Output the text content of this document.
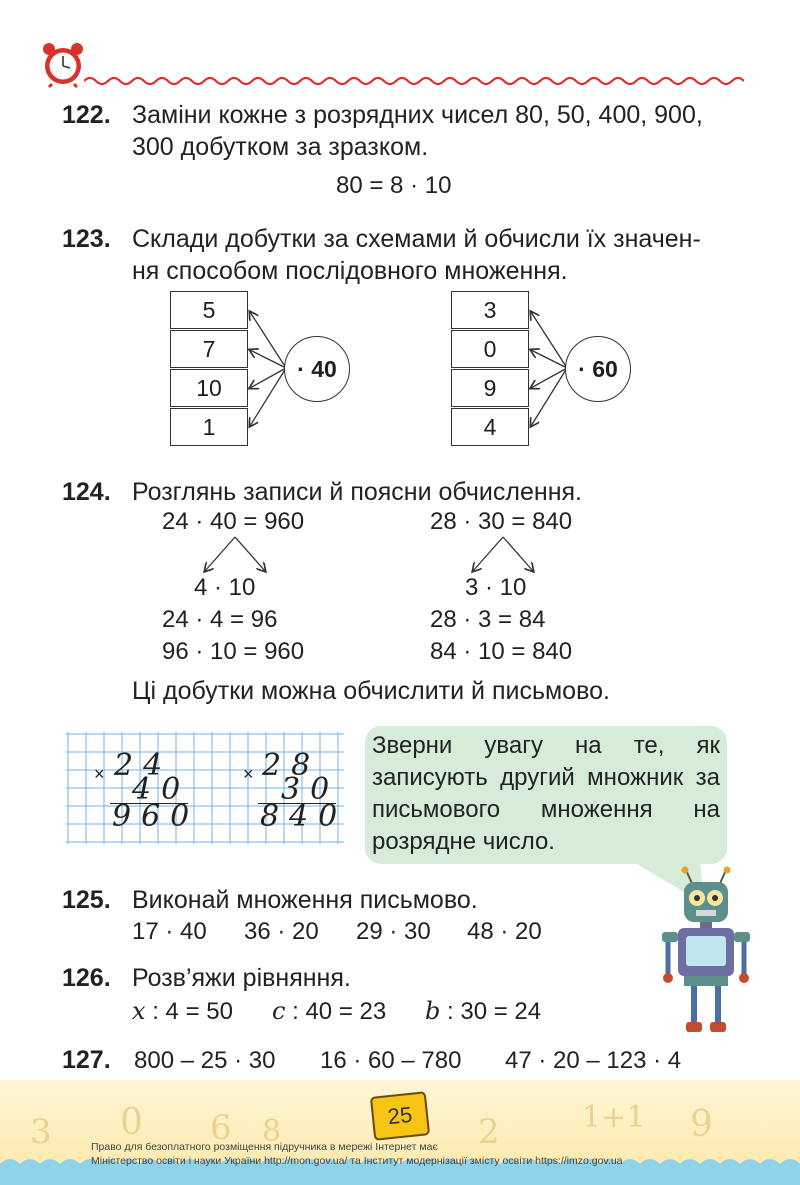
122. Заміни кожне з розрядних чисел 80, 50, 400, 900,
300 добутком за зразком.
80 = 8 · 10
123. Склади добутки за схемами й обчисли їх значен-
ня способом послідовного множення.
5
7
10
1
· 40
3
0
9
4
· 60
124. Розглянь записи й поясни обчислення.
24 · 40 = 960
4 · 10
24 · 4 = 96
96 · 10 = 960
28 · 30 = 840
3 · 10
28 · 3 = 84
84 · 10 = 840
Ці добутки можна обчислити й письмово.
× 24
40
960
× 28
30
840
Зверни увагу на те, як записують другий множник за письмового множення на розрядне число.
125. Виконай множення письмово.
17 · 40 36 · 20 29 · 30 48 · 20
126. Розв’яжи рівняння.
x : 4 = 50 c : 40 = 23 b : 30 = 24
127. 800 – 25 · 30 16 · 60 – 780 47 · 20 – 123 · 4
3 0 6 8	2	1+1 9
25
Право для безоплатного розміщення підручника в мережі Інтернет має
Міністерство освіти і науки України http://mon.gov.ua/ та Інститут модернізації змісту освіти https://imzo.gov.ua
